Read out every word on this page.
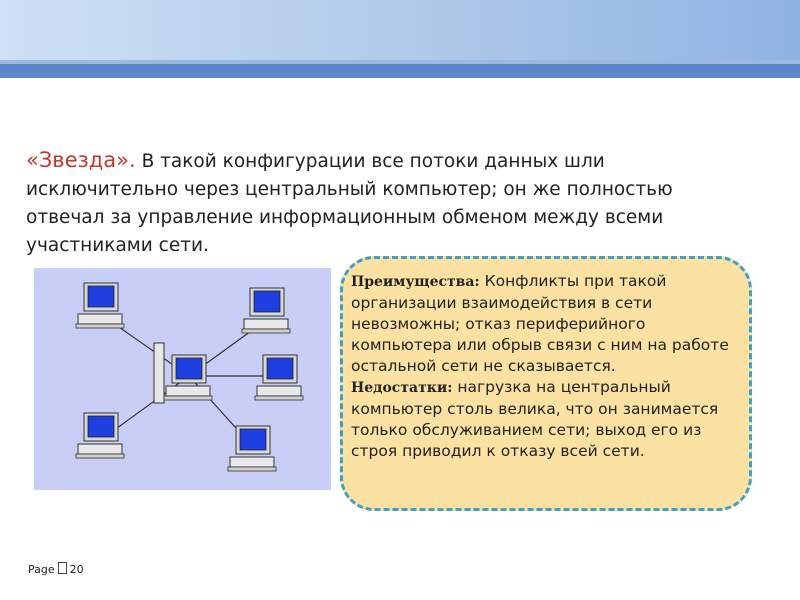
«Звезда». В такой конфигурации все потоки данных шли исключительно через центральный компьютер; он же полностью отвечал за управление информационным обменом между всеми участниками сети.
Преимущества: Конфликты при такой организации взаимодействия в сети невозможны; отказ периферийного компьютера или обрыв связи с ним на работе остальной сети не сказывается.
Недостатки: нагрузка на центральный компьютер столь велика, что он занимается только обслуживанием сети; выход его из строя приводил к отказу всей сети.
Page 20
